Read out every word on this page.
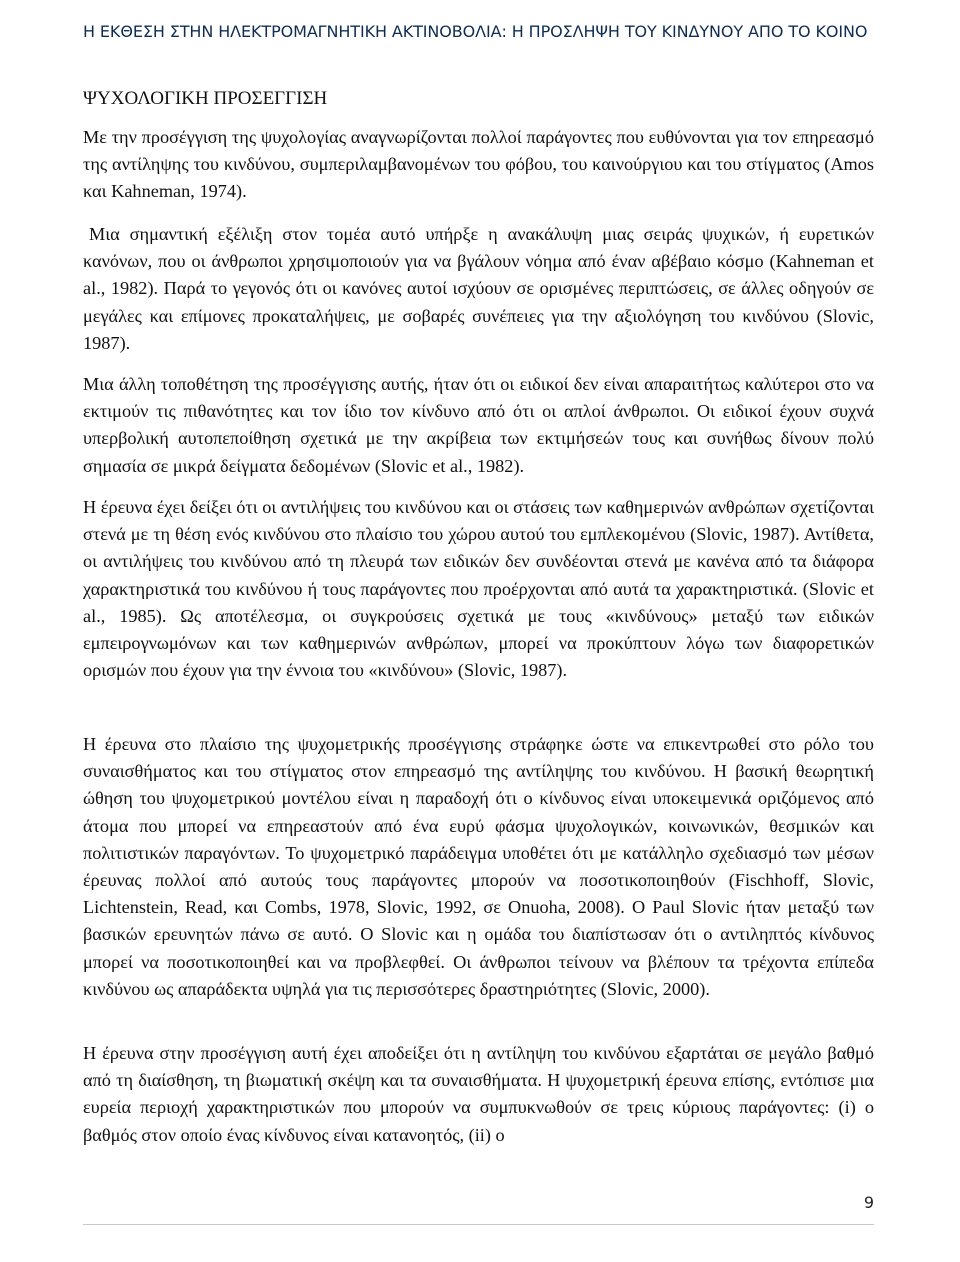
Η ΕΚΘΕΣΗ ΣΤΗΝ ΗΛΕΚΤΡΟΜΑΓΝΗΤΙΚΗ ΑΚΤΙΝΟΒΟΛΙΑ: Η ΠΡΟΣΛΗΨΗ ΤΟΥ ΚΙΝΔΥΝΟΥ ΑΠΟ ΤΟ ΚΟΙΝΟ
ΨΥΧΟΛΟΓΙΚΗ ΠΡΟΣΕΓΓΙΣΗ

Με την προσέγγιση της ψυχολογίας αναγνωρίζονται πολλοί παράγοντες που ευθύνονται για τον επηρεασμό της αντίληψης του κινδύνου, συμπεριλαμβανομένων του φόβου, του καινούργιου και του στίγματος (Amos και Kahneman, 1974).

Μια σημαντική εξέλιξη στον τομέα αυτό υπήρξε η ανακάλυψη μιας σειράς ψυχικών, ή ευρετικών κανόνων, που οι άνθρωποι χρησιμοποιούν για να βγάλουν νόημα από έναν αβέβαιο κόσμο (Kahneman et al., 1982). Παρά το γεγονός ότι οι κανόνες αυτοί ισχύουν σε ορισμένες περιπτώσεις, σε άλλες οδηγούν σε μεγάλες και επίμονες προκαταλήψεις, με σοβαρές συνέπειες για την αξιολόγηση του κινδύνου (Slovic, 1987).

Μια άλλη τοποθέτηση της προσέγγισης αυτής, ήταν ότι οι ειδικοί δεν είναι απαραιτήτως καλύτεροι στο να εκτιμούν τις πιθανότητες και τον ίδιο τον κίνδυνο από ότι οι απλοί άνθρωποι. Οι ειδικοί έχουν συχνά υπερβολική αυτοπεποίθηση σχετικά με την ακρίβεια των εκτιμήσεών τους και συνήθως δίνουν πολύ σημασία σε μικρά δείγματα δεδομένων (Slovic et al., 1982).

Η έρευνα έχει δείξει ότι οι αντιλήψεις του κινδύνου και οι στάσεις των καθημερινών ανθρώπων σχετίζονται στενά με τη θέση ενός κινδύνου στο πλαίσιο του χώρου αυτού του εμπλεκομένου (Slovic, 1987). Αντίθετα, οι αντιλήψεις του κινδύνου από τη πλευρά των ειδικών δεν συνδέονται στενά με κανένα από τα διάφορα χαρακτηριστικά του κινδύνου ή τους παράγοντες που προέρχονται από αυτά τα χαρακτηριστικά. (Slovic et al., 1985). Ως αποτέλεσμα, οι συγκρούσεις σχετικά με τους «κινδύνους» μεταξύ των ειδικών εμπειρογνωμόνων και των καθημερινών ανθρώπων, μπορεί να προκύπτουν λόγω των διαφορετικών ορισμών που έχουν για την έννοια του «κινδύνου» (Slovic, 1987).

Η έρευνα στο πλαίσιο της ψυχομετρικής προσέγγισης στράφηκε ώστε να επικεντρωθεί στο ρόλο του συναισθήματος και του στίγματος στον επηρεασμό της αντίληψης του κινδύνου. Η βασική θεωρητική ώθηση του ψυχομετρικού μοντέλου είναι η παραδοχή ότι ο κίνδυνος είναι υποκειμενικά οριζόμενος από άτομα που μπορεί να επηρεαστούν από ένα ευρύ φάσμα ψυχολογικών, κοινωνικών, θεσμικών και πολιτιστικών παραγόντων. Το ψυχομετρικό παράδειγμα υποθέτει ότι με κατάλληλο σχεδιασμό των μέσων έρευνας πολλοί από αυτούς τους παράγοντες μπορούν να ποσοτικοποιηθούν (Fischhoff, Slovic, Lichtenstein, Read, και Combs, 1978, Slovic, 1992, σε Onuoha, 2008). Ο Paul Slovic ήταν μεταξύ των βασικών ερευνητών πάνω σε αυτό. Ο Slovic και η ομάδα του διαπίστωσαν ότι ο αντιληπτός κίνδυνος μπορεί να ποσοτικοποιηθεί και να προβλεφθεί. Οι άνθρωποι τείνουν να βλέπουν τα τρέχοντα επίπεδα κινδύνου ως απαράδεκτα υψηλά για τις περισσότερες δραστηριότητες (Slovic, 2000).

Η έρευνα στην προσέγγιση αυτή έχει αποδείξει ότι η αντίληψη του κινδύνου εξαρτάται σε μεγάλο βαθμό από τη διαίσθηση, τη βιωματική σκέψη και τα συναισθήματα. Η ψυχομετρική έρευνα επίσης, εντόπισε μια ευρεία περιοχή χαρακτηριστικών που μπορούν να συμπυκνωθούν σε τρεις κύριους παράγοντες: (i) ο βαθμός στον οποίο ένας κίνδυνος είναι κατανοητός, (ii) ο

9
